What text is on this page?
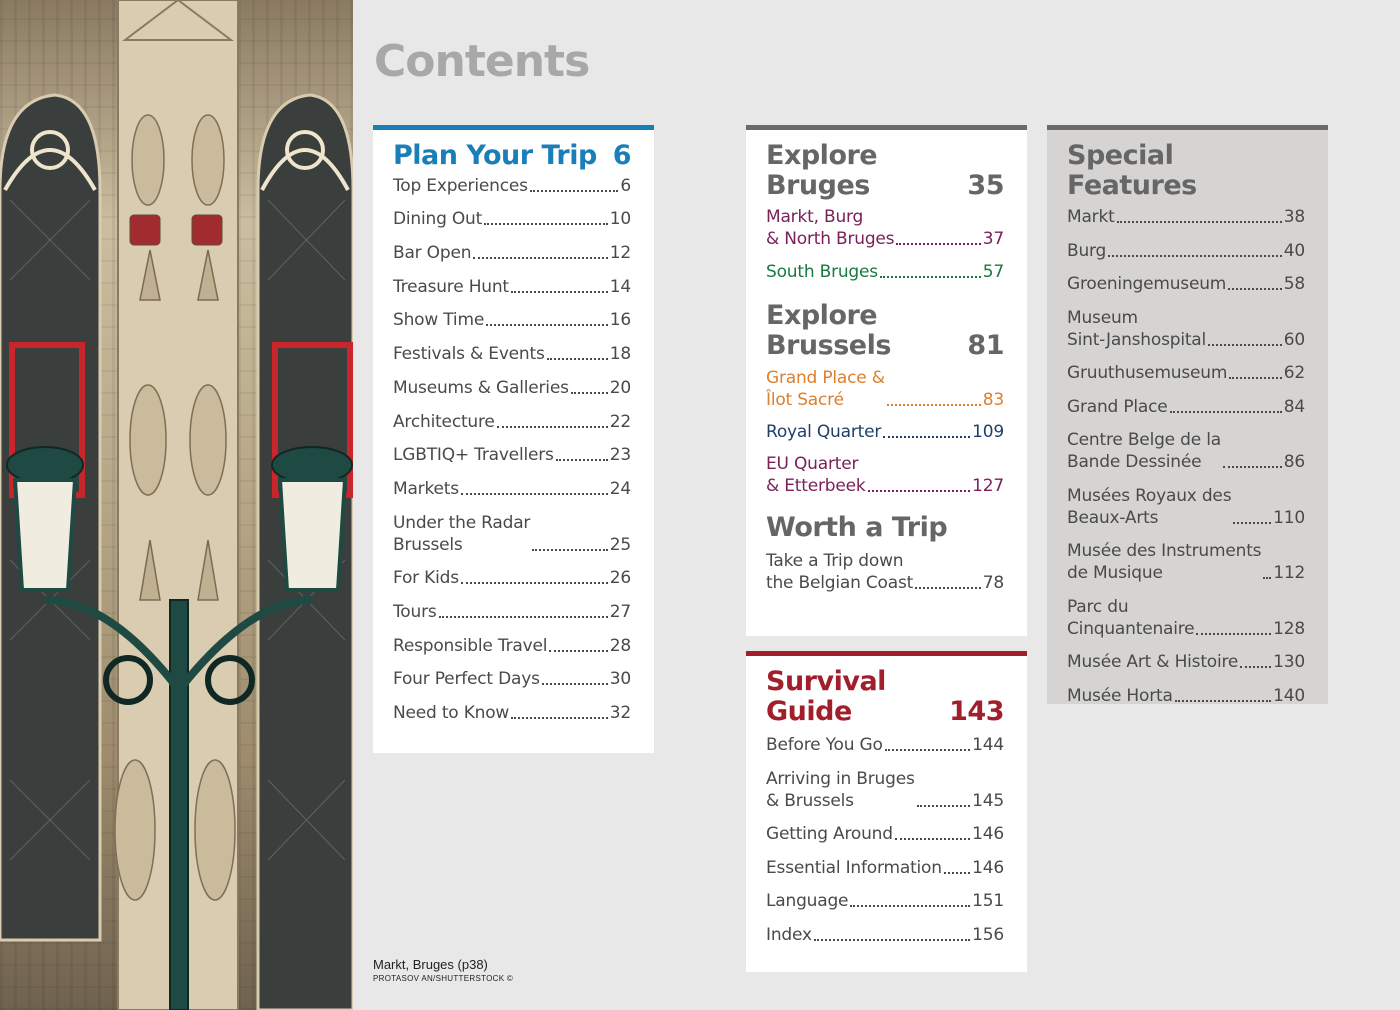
Contents
Plan Your Trip 6
Top Experiences	6
Dining Out	10
Bar Open	12
Treasure Hunt	14
Show Time	16
Festivals & Events	18
Museums & Galleries 20
Architecture	22
LGBTIQ+ Travellers	23
Markets	24
Under the Radar
Brussels	25
For Kids	26
Tours	27
Responsible Travel	28
Four Perfect Days	30
Need to Know	32
Explore
Bruges	35
Markt, Burg
& North Bruges	37
South Bruges	57
Explore
Brussels	81
Grand Place &
Îlot Sacré	83
Royal Quarter	109
EU Quarter
& Etterbeek	127
Worth a Trip
Take a Trip down
the Belgian Coast	78
Survival
Guide	143
Before You Go	144
Arriving in Bruges
& Brussels	145
Getting Around	146
Essential Information 146
Language	151
Index	156
Special Features
Markt	38
Burg	40
Groeningemuseum	58
Museum
Sint-Janshospital	60
Gruuthusemuseum	62
Grand Place	84
Centre Belge de la
Bande Dessinée	86
Musées Royaux des
Beaux-Arts	110
Musée des Instruments
de Musique	112
Parc du
Cinquantenaire	128
Musée Art & Histoire 130
Musée Horta	140
Markt, Bruges (p38)
PROTASOV AN/SHUTTERSTOCK ©
